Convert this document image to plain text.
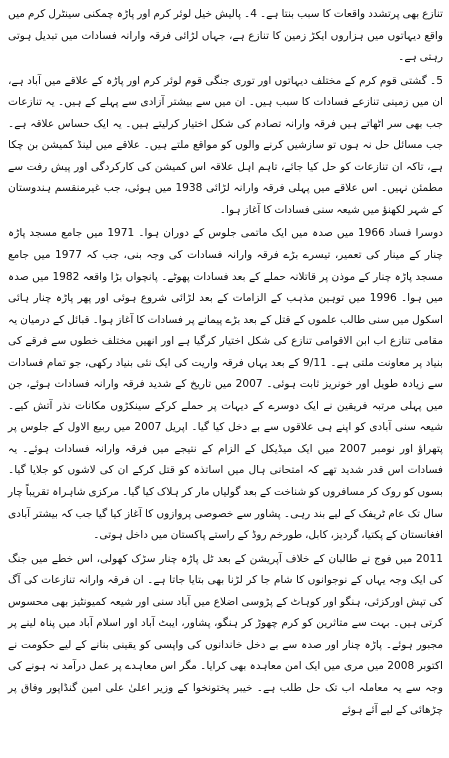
تنازع بھی پرتشدد واقعات کا سبب بنتا ہے۔ 4۔ پالیش خیل لوئر کرم اور پاڑہ چمکنی سینٹرل کرم میں واقع دیہاتوں میں ہزاروں ایکڑ زمین کا تنازع ہے، جہاں لڑائی فرقہ وارانہ فسادات میں تبدیل ہوتی رہتی ہے۔

5۔ گشتی قوم کرم کے مختلف دیہاتوں اور توری جنگی قوم لوئر کرم اور پاڑہ کے علاقے میں آباد ہے، ان میں زمینی تنازعے فسادات کا سبب ہیں۔ ان میں سے بیشتر آزادی سے پہلے کے ہیں۔ یہ تنازعات جب بھی سر اٹھاتے ہیں فرقہ وارانہ تصادم کی شکل اختیار کرلیتے ہیں۔ یہ ایک حساس علاقہ ہے۔ جب مسائل حل نہ ہوں تو سازشیں کرنے والوں کو مواقع ملتے ہیں۔ علاقے میں لینڈ کمیشن بن چکا ہے، تاکہ ان تنازعات کو حل کیا جائے، تاہم اہل علاقہ اس کمیشن کی کارکردگی اور پیش رفت سے مطمئن نہیں۔ اس علاقے میں پہلی فرقہ وارانہ لڑائی 1938 میں ہوئی، جب غیرمنقسم ہندوستان کے شہر لکھنؤ میں شیعہ سنی فسادات کا آغاز ہوا۔

دوسرا فساد 1966 میں صدہ میں ایک ماتمی جلوس کے دوران ہوا۔ 1971 میں جامع مسجد پاڑہ چنار کے مینار کی تعمیر، تیسرے بڑے فرقہ وارانہ فسادات کی وجہ بنی، جب کہ 1977 میں جامع مسجد پاڑہ چنار کے موذن پر قاتلانہ حملے کے بعد فسادات پھوٹے۔ پانچواں بڑا واقعہ 1982 میں صدہ میں ہوا۔ 1996 میں توہین مذہب کے الزامات کے بعد لڑائی شروع ہوئی اور پھر پاڑہ چنار ہائی اسکول میں سنی طالب علموں کے قتل کے بعد بڑے پیمانے پر فسادات کا آغاز ہوا۔ قبائل کے درمیان یہ مقامی تنازع اب ابن الاقوامی تنازع کی شکل اختیار کرگیا ہے اور انھیں مختلف خطوں سے فرقے کی بنیاد پر معاونت ملتی ہے۔ 9/11 کے بعد یہاں فرقہ واریت کی ایک نئی بنیاد رکھی، جو تمام فسادات سے زیادہ طویل اور خونریز ثابت ہوئی۔ 2007 میں تاریخ کے شدید فرقہ وارانہ فسادات ہوئے، جن میں پہلی مرتبہ فریقین نے ایک دوسرے کے دیہات پر حملے کرکے سینکڑوں مکانات نذر آتش کیے۔ شیعہ سنی آبادی کو اپنے ہی علاقوں سے بے دخل کیا گیا۔ اپریل 2007 میں ربیع الاول کے جلوس پر پتھراؤ اور نومبر 2007 میں ایک میڈیکل کے الزام کے نتیجے میں فرقہ وارانہ فسادات ہوئے۔ یہ فسادات اس قدر شدید تھے کہ امتحانی ہال میں اساتذہ کو قتل کرکے ان کی لاشوں کو جلایا گیا۔ بسوں کو روک کر مسافروں کو شناخت کے بعد گولیاں مار کر ہلاک کیا گیا۔ مرکزی شاہراہ تقریباً چار سال تک عام ٹریفک کے لیے بند رہی۔ پشاور سے خصوصی پروازوں کا آغاز کیا گیا جب کہ بیشتر آبادی افغانستان کے پکتیا، گردیز، کابل، طورخم روڈ کے راستے پاکستان میں داخل ہوتی۔

2011 میں فوج نے طالبان کے خلاف آپریشن کے بعد ٹل پاڑہ چنار سڑک کھولی، اس خطے میں جنگ کی ایک وجہ یہاں کے نوجوانوں کا شام جا کر لڑنا بھی بتایا جاتا ہے۔ ان فرقہ وارانہ تنازعات کی آگ کی تپش اورکزئی، ہنگو اور کوہاٹ کے پڑوسی اضلاع میں آباد سنی اور شیعہ کمیونٹیز بھی محسوس کرتی ہیں۔ بہت سے متاثرین کو کرم چھوڑ کر ہنگو، پشاور، ایبٹ آباد اور اسلام آباد میں پناہ لینے پر مجبور ہوئے۔ پاڑہ چنار اور صدہ سے بے دخل خاندانوں کی واپسی کو یقینی بنانے کے لیے حکومت نے اکتوبر 2008 میں مری میں ایک امن معاہدہ بھی کرایا۔ مگر اس معاہدے پر عمل درآمد نہ ہونے کی وجہ سے یہ معاملہ اب تک حل طلب ہے۔ خیبر پختونخوا کے وزیر اعلیٰ علی امین گنڈاپور وفاق پر چڑھائی کے لیے آئے ہوئے
